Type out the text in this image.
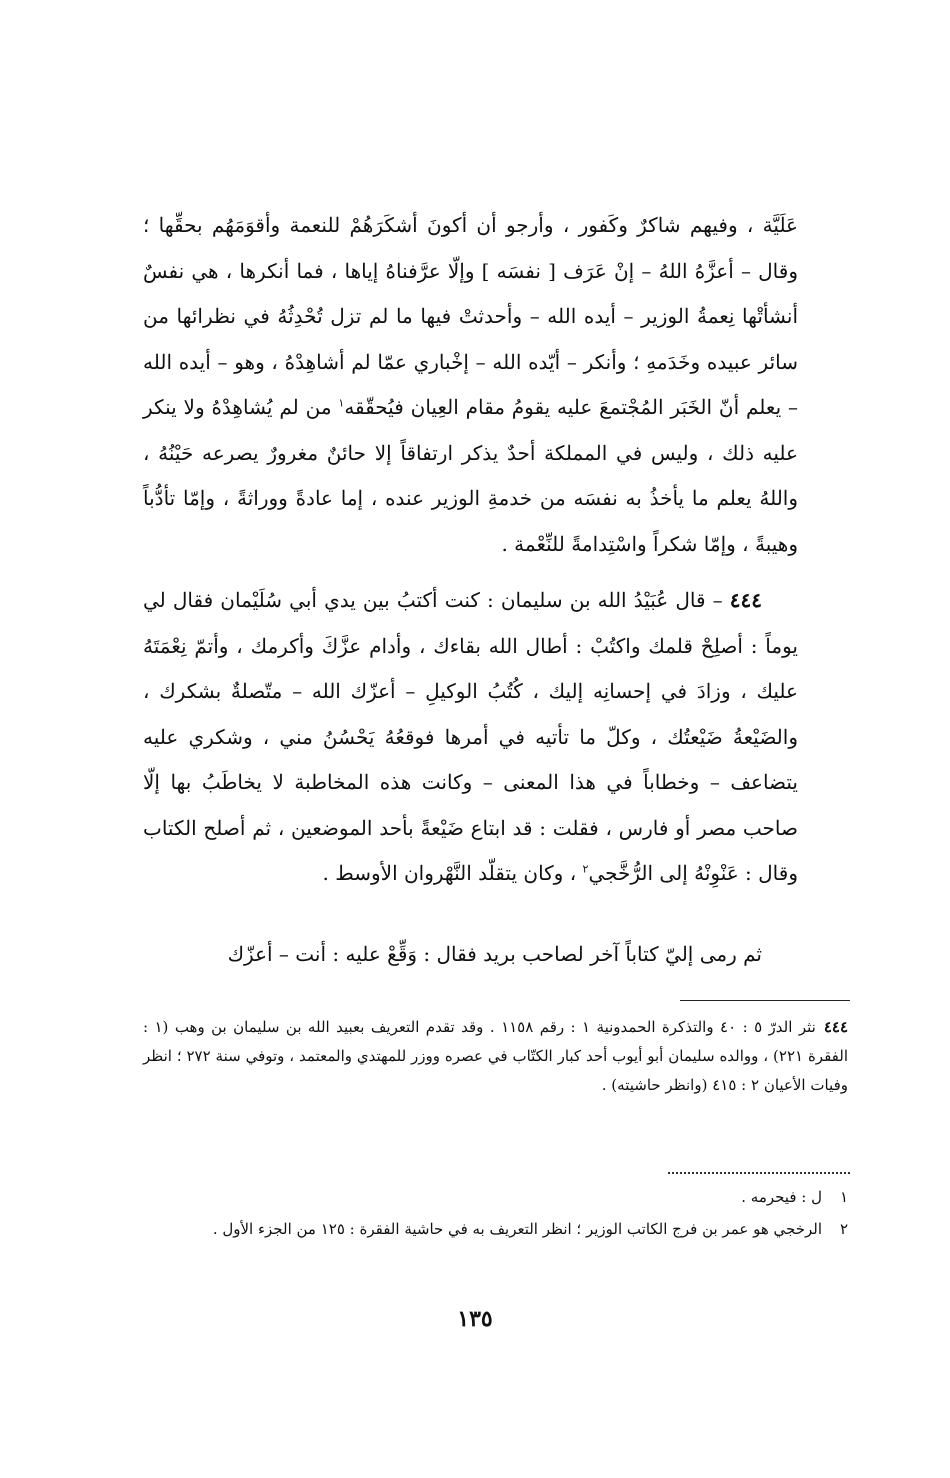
عَلَيَّة ، وفيهم شاكرٌ وكَفور ، وأرجو أن أكونَ أشكَرَهُمْ للنعمة وأقوَمَهُم بحقِّها ؛ وقال – أعزَّهُ اللهُ – إنْ عَرَف [ نفسَه ] وإلّا عرَّفناهُ إياها ، فما أنكرها ، هي نفسٌ أنشأتْها نِعمةُ الوزير – أيده الله – وأحدثتْ فيها ما لم تزل تُحْدِثُهُ في نظرائها من سائر عبيده وخَدَمهِ ؛ وأنكر – أيّده الله – إخْباري عمّا لم أشاهِدْهُ ، وهو – أيده الله – يعلم أنّ الخَبَر المُجْتمعَ عليه يقومُ مقام العِيان فيُحقّقه$^١$ من لم يُشاهِدْهُ ولا ينكر عليه ذلك ، وليس في المملكة أحدٌ يذكر ارتفاقاً إلا حائنٌ مغرورٌ يصرعه حَيْنُهُ ، واللهُ يعلم ما يأخذُ به نفسَه من خدمةِ الوزير عنده ، إما عادةً ووراثةً ، وإمّا تأدُّباً وهيبةً ، وإمّا شكراً واسْتِدامةً للنِّعْمة .

٤٤٤ – قال عُبَيْدُ الله بن سليمان : كنت أكتبُ بين يدي أبي سُلَيْمان فقال لي يوماً : أصلِحْ قلمك واكتُبْ : أطال الله بقاءك ، وأدام عزَّكَ وأكرمك ، وأتمّ نِعْمَتَهُ عليك ، وزادَ في إحسانِه إليك ، كُتُبُ الوكيلِ – أعزّك الله – متّصلةٌ بشكرك ، والضَيْعةُ ضَيْعتُك ، وكلّ ما تأتيه في أمرها فوقعُهُ يَحْسُنُ مني ، وشكري عليه يتضاعف – وخطاباً في هذا المعنى – وكانت هذه المخاطبة لا يخاطَبُ بها إلّا صاحب مصر أو فارس ، فقلت : قد ابتاع ضَيْعةً بأحد الموضعين ، ثم أصلح الكتاب وقال : عَنْوِنْهُ إلى الرُّخَّجي$^٢$ ، وكان يتقلّد النَّهْروان الأوسط .

ثم رمى إليّ كتاباً آخر لصاحب بريد فقال : وَقِّعْ عليه : أنت – أعزّك

٤٤٤نثر الدرّ ٥ : ٤٠ والتذكرة الحمدونية ١ : رقم ١١٥٨ . وقد تقدم التعريف بعبيد الله بن سليمان بن وهب (١ : الفقرة ٢٢١) ، ووالده سليمان أبو أيوب أحد كبار الكتّاب في عصره ووزر للمهتدي والمعتمد ، وتوفي سنة ٢٧٢ ؛ انظر وفيات الأعيان ٢ : ٤١٥ (وانظر حاشيته) .

١ل : فيحرمه .

٢الرخجي هو عمر بن فرج الكاتب الوزير ؛ انظر التعريف به في حاشية الفقرة : ١٢٥ من الجزء الأول .

١٣٥
